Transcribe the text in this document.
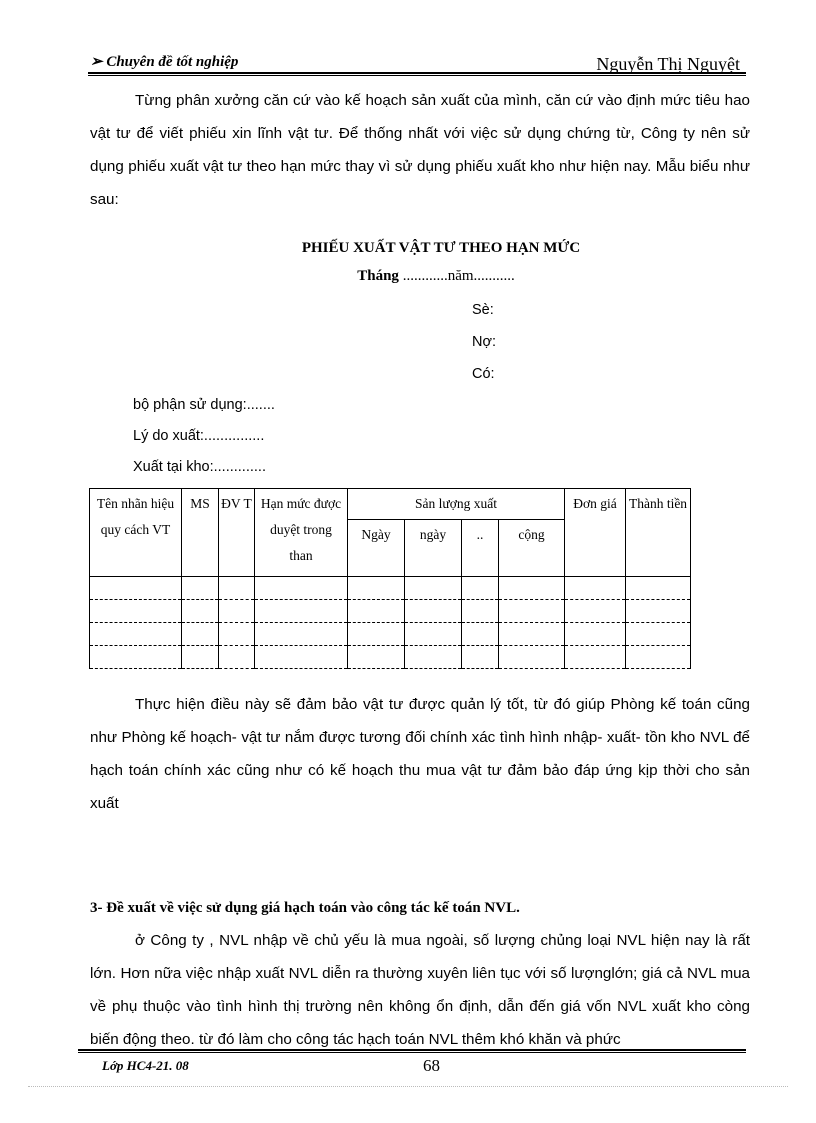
➢ Chuyên đề tốt nghiệp	Nguyễn Thị Nguyệt
Từng phân xưởng căn cứ vào kế hoạch sản xuất của mình, căn cứ vào định mức tiêu hao vật tư để viết phiếu xin lĩnh vật tư. Để thống nhất với việc sử dụng chứng từ, Công ty nên sử dụng phiếu xuất vật tư theo hạn mức thay vì sử dụng phiếu xuất kho như hiện nay. Mẫu biểu như sau:
PHIẾU XUẤT VẬT TƯ THEO HẠN MỨC
Tháng ............năm...........
Sè:
Nợ:
Có:
bộ phận sử dụng:.......
Lý do xuất:...............
Xuất tại kho:.............
Tên nhãn hiệu quy cách VT	MS	ĐV T	Hạn mức được duyệt trong than	Sản lượng xuất				Đơn giá	Thành tiền
				Ngày	ngày	..	cộng		

Thực hiện điều này sẽ đảm bảo vật tư được quản lý tốt, từ đó giúp Phòng kế toán cũng như Phòng kế hoạch- vật tư nắm được tương đối chính xác tình hình nhập- xuất- tồn kho NVL để hạch toán chính xác cũng như có kế hoạch thu mua vật tư đảm bảo đáp ứng kịp thời cho sản xuất
3- Đề xuất về việc sử dụng giá hạch toán vào công tác kế toán NVL.
ở Công ty , NVL nhập về chủ yếu là mua ngoài, số lượng chủng loại NVL hiện nay là rất lớn. Hơn nữa việc nhập xuất NVL diễn ra thường xuyên liên tục với số lượnglớn; giá cả NVL mua về phụ thuộc vào tình hình thị trường nên không ổn định, dẫn đến giá vốn NVL xuất kho còng biến động theo. từ đó làm cho công tác hạch toán NVL thêm khó khăn và phức
Lớp HC4-21. 08	68
